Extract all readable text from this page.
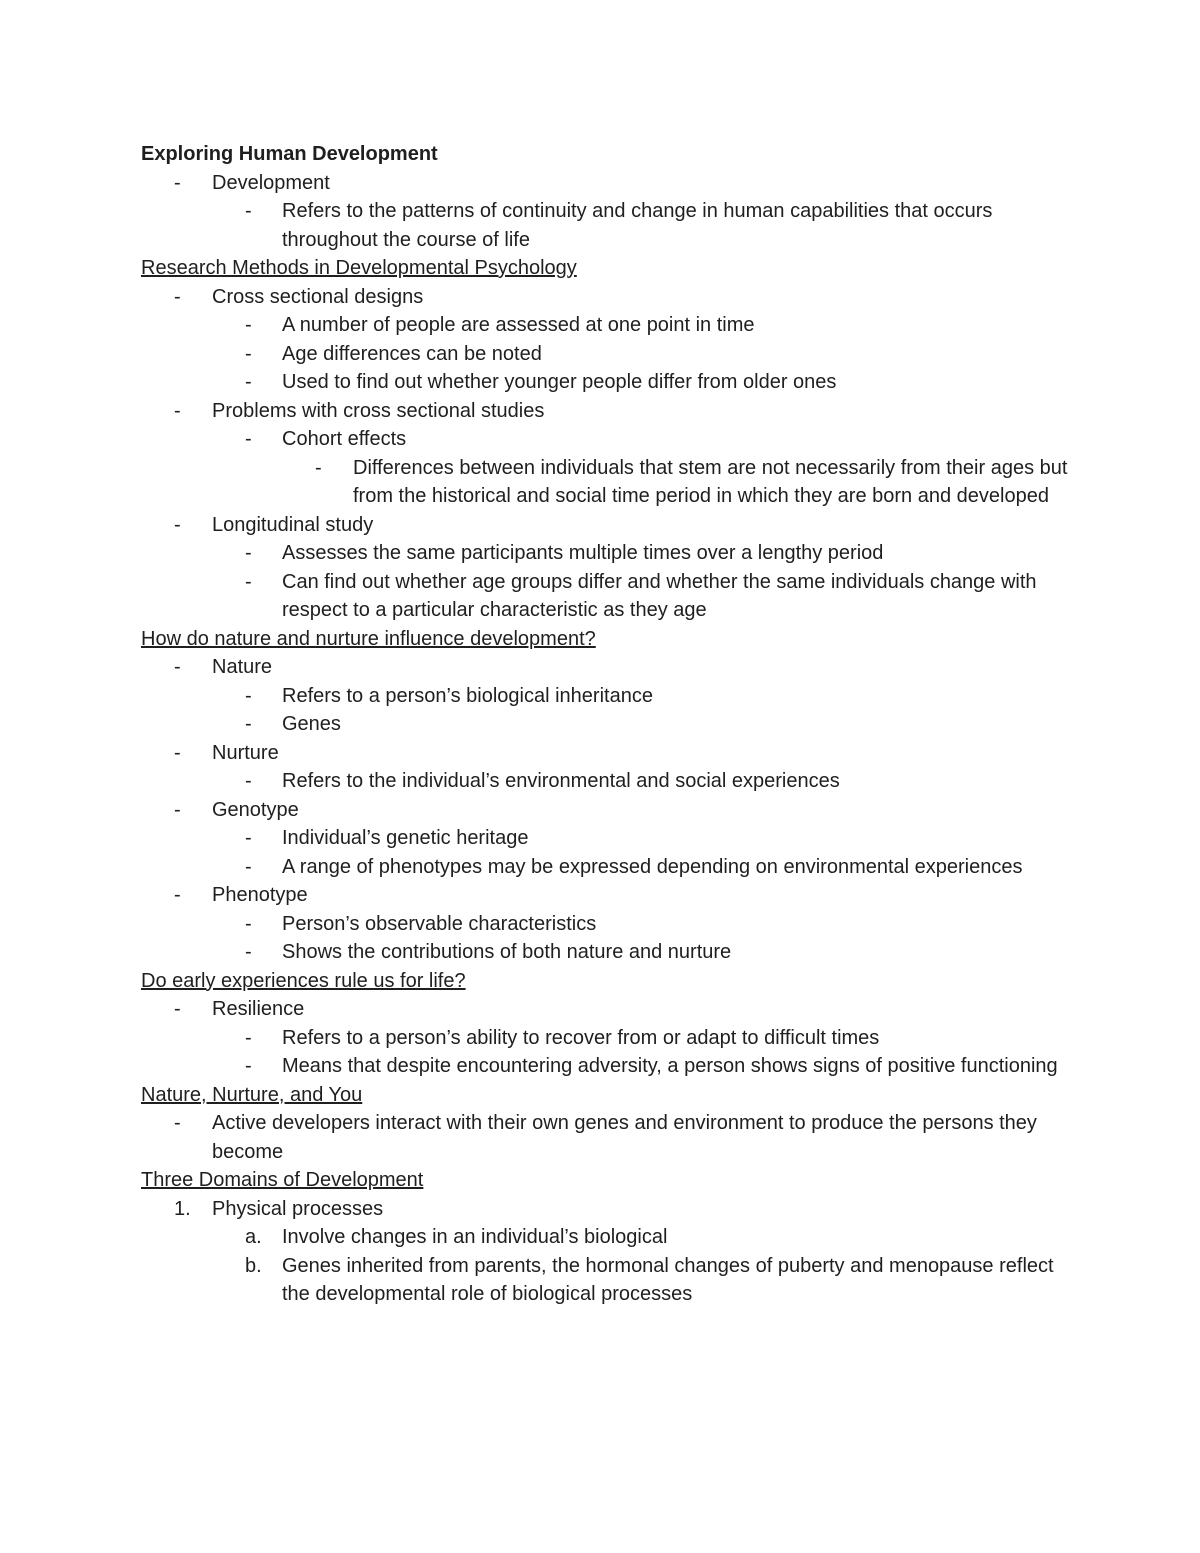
Exploring Human Development
- Development
- Refers to the patterns of continuity and change in human capabilities that occurs throughout the course of life
Research Methods in Developmental Psychology
- Cross sectional designs
- A number of people are assessed at one point in time
- Age differences can be noted
- Used to find out whether younger people differ from older ones
- Problems with cross sectional studies
- Cohort effects
- Differences between individuals that stem are not necessarily from their ages but from the historical and social time period in which they are born and developed
- Longitudinal study
- Assesses the same participants multiple times over a lengthy period
- Can find out whether age groups differ and whether the same individuals change with respect to a particular characteristic as they age
How do nature and nurture influence development?
- Nature
- Refers to a person’s biological inheritance
- Genes
- Nurture
- Refers to the individual’s environmental and social experiences
- Genotype
- Individual’s genetic heritage
- A range of phenotypes may be expressed depending on environmental experiences
- Phenotype
- Person’s observable characteristics
- Shows the contributions of both nature and nurture
Do early experiences rule us for life?
- Resilience
- Refers to a person’s ability to recover from or adapt to difficult times
- Means that despite encountering adversity, a person shows signs of positive functioning
Nature, Nurture, and You
- Active developers interact with their own genes and environment to produce the persons they become
Three Domains of Development
1. Physical processes
a. Involve changes in an individual’s biological
b. Genes inherited from parents, the hormonal changes of puberty and menopause reflect the developmental role of biological processes
